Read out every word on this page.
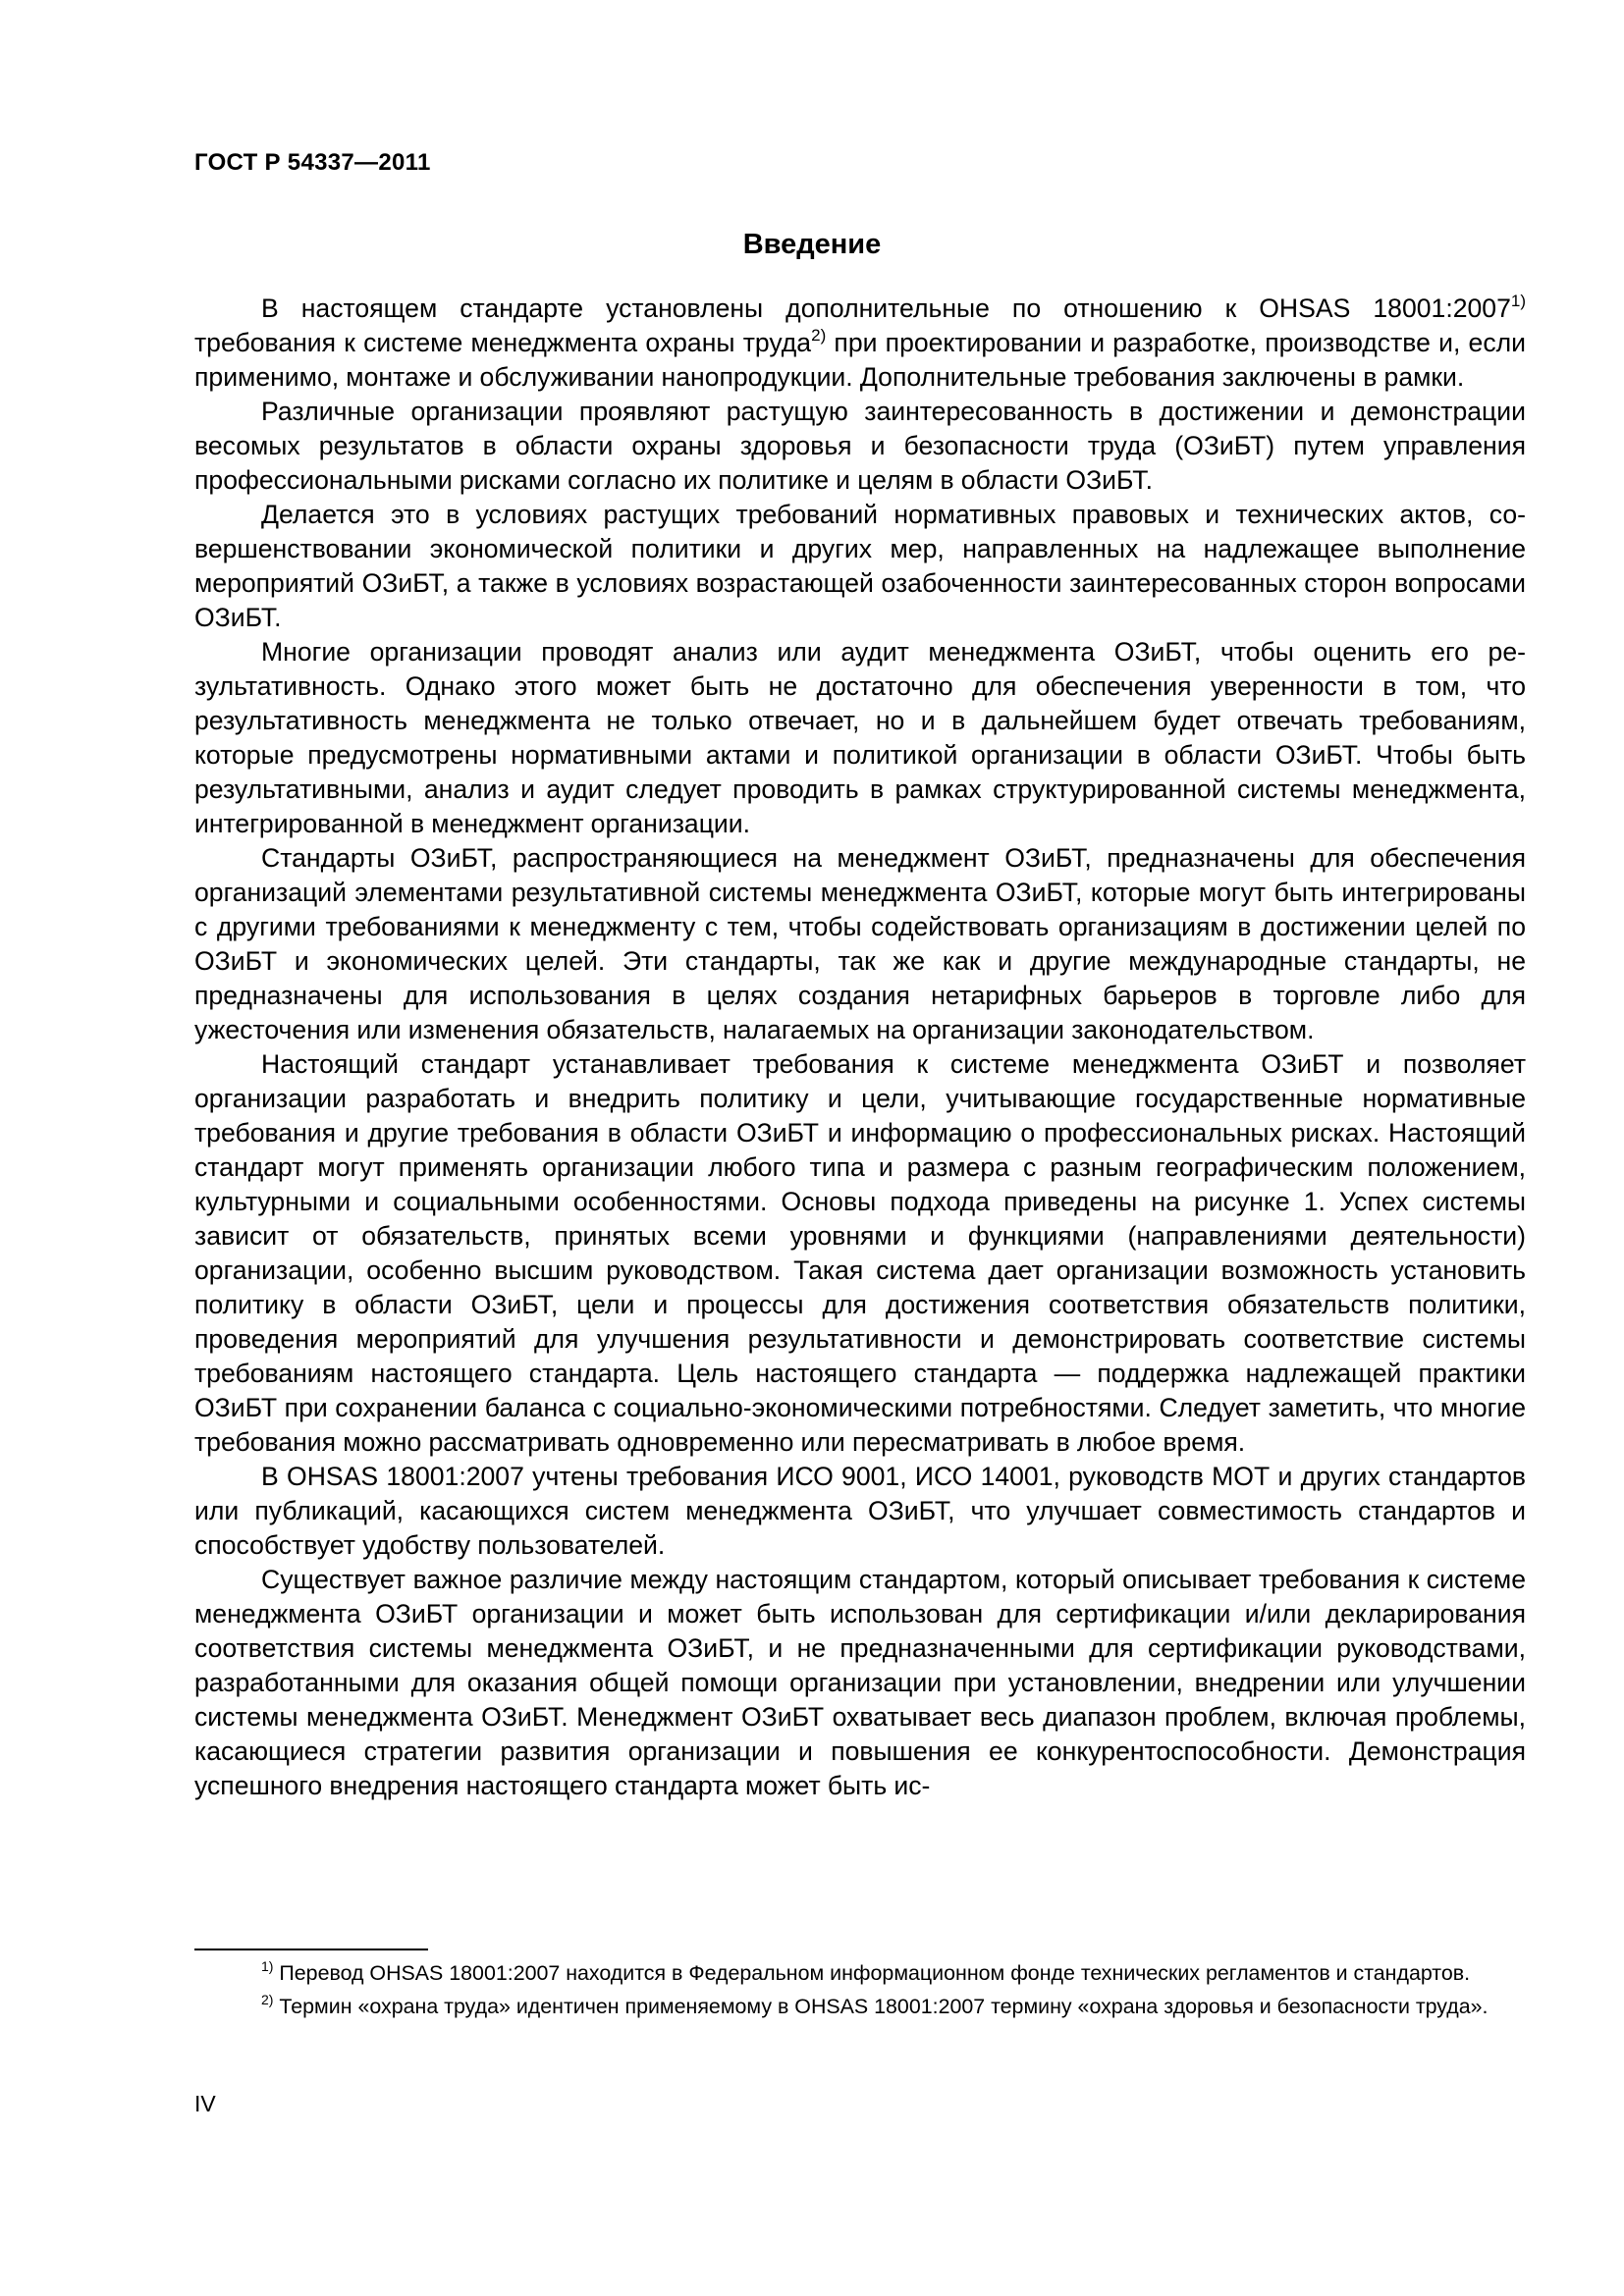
ГОСТ Р 54337—2011
Введение

В настоящем стандарте установлены дополнительные по отношению к OHSAS 18001:2007$^{1)}$ требования к системе менеджмента охраны труда$^{2)}$ при проектировании и разработке, производстве и, если применимо, монтаже и обслуживании нанопродукции. Дополнительные требования заключены в рамки.

Различные организации проявляют растущую заинтересованность в достижении и демонстрации весомых результатов в области охраны здоровья и безопасности труда (ОЗиБТ) путем управления профессиональными рисками согласно их политике и целям в области ОЗиБТ.

Делается это в условиях растущих требований нормативных правовых и технических актов, совершенствовании экономической политики и других мер, направленных на надлежащее выполнение мероприятий ОЗиБТ, а также в условиях возрастающей озабоченности заинтересованных сторон вопросами ОЗиБТ.

Многие организации проводят анализ или аудит менеджмента ОЗиБТ, чтобы оценить его результативность. Однако этого может быть не достаточно для обеспечения уверенности в том, что результативность менеджмента не только отвечает, но и в дальнейшем будет отвечать требованиям, которые предусмотрены нормативными актами и политикой организации в области ОЗиБТ. Чтобы быть результативными, анализ и аудит следует проводить в рамках структурированной системы менеджмента, интегрированной в менеджмент организации.

Стандарты ОЗиБТ, распространяющиеся на менеджмент ОЗиБТ, предназначены для обеспечения организаций элементами результативной системы менеджмента ОЗиБТ, которые могут быть интегрированы с другими требованиями к менеджменту с тем, чтобы содействовать организациям в достижении целей по ОЗиБТ и экономических целей. Эти стандарты, так же как и другие международные стандарты, не предназначены для использования в целях создания нетарифных барьеров в торговле либо для ужесточения или изменения обязательств, налагаемых на организации законодательством.

Настоящий стандарт устанавливает требования к системе менеджмента ОЗиБТ и позволяет организации разработать и внедрить политику и цели, учитывающие государственные нормативные требования и другие требования в области ОЗиБТ и информацию о профессиональных рисках. Настоящий стандарт могут применять организации любого типа и размера с разным географическим положением, культурными и социальными особенностями. Основы подхода приведены на рисунке 1. Успех системы зависит от обязательств, принятых всеми уровнями и функциями (направлениями деятельности) организации, особенно высшим руководством. Такая система дает организации возможность установить политику в области ОЗиБТ, цели и процессы для достижения соответствия обязательств политики, проведения мероприятий для улучшения результативности и демонстрировать соответствие системы требованиям настоящего стандарта. Цель настоящего стандарта — поддержка надлежащей практики ОЗиБТ при сохранении баланса с социально-экономическими потребностями. Следует заметить, что многие требования можно рассматривать одновременно или пересматривать в любое время.

В OHSAS 18001:2007 учтены требования ИСО 9001, ИСО 14001, руководств МОТ и других стандартов или публикаций, касающихся систем менеджмента ОЗиБТ, что улучшает совместимость стандартов и способствует удобству пользователей.

Существует важное различие между настоящим стандартом, который описывает требования к системе менеджмента ОЗиБТ организации и может быть использован для сертификации и/или декларирования соответствия системы менеджмента ОЗиБТ, и не предназначенными для сертификации руководствами, разработанными для оказания общей помощи организации при установлении, внедрении или улучшении системы менеджмента ОЗиБТ. Менеджмент ОЗиБТ охватывает весь диапазон проблем, включая проблемы, касающиеся стратегии развития организации и повышения ее конкурентоспособности. Демонстрация успешного внедрения настоящего стандарта может быть ис-

$^{1)}$ Перевод OHSAS 18001:2007 находится в Федеральном информационном фонде технических регламентов и стандартов.

$^{2)}$ Термин «охрана труда» идентичен применяемому в OHSAS 18001:2007 термину «охрана здоровья и безопасности труда».

IV
